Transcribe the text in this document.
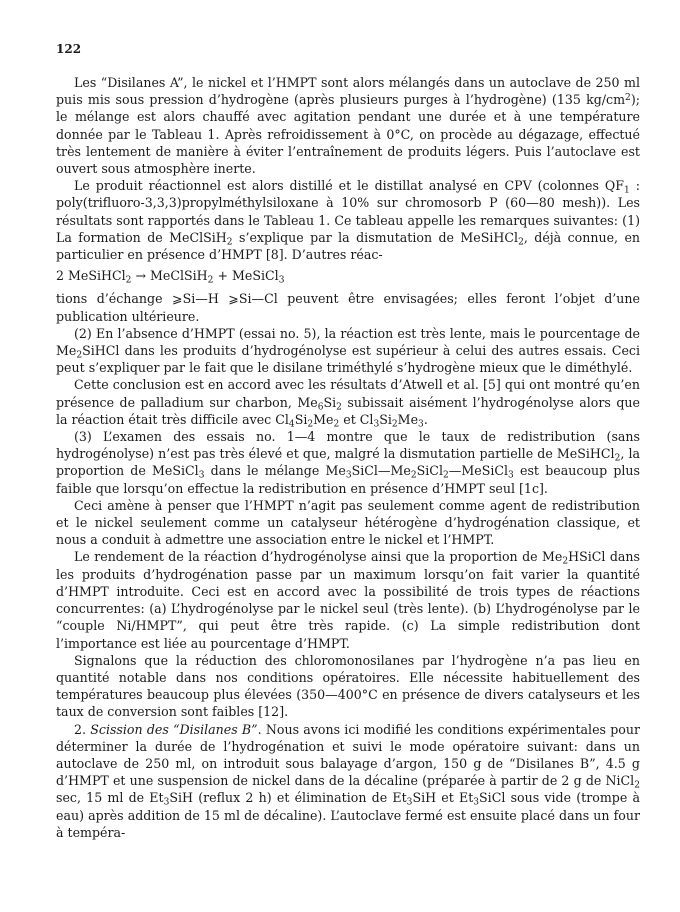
122

Les “Disilanes A”, le nickel et l’HMPT sont alors mélangés dans un autoclave de 250 ml puis mis sous pression d’hydrogène (après plusieurs purges à l’hydrogène) (135 $kg/cm^2$); le mélange est alors chauffé avec agitation pendant une durée et à une température donnée par le Tableau 1. Après refroidissement à 0°C, on procède au dégazage, effectué très lentement de manière à éviter l’entraînement de produits légers. Puis l’autoclave est ouvert sous atmosphère inerte.

Le produit réactionnel est alors distillé et le distillat analysé en CPV (colonnes $QF_1$ : poly(trifluoro-3,3,3)propylméthylsiloxane à 10% sur chromosorb P (60—80 mesh)). Les résultats sont rapportés dans le Tableau 1. Ce tableau appelle les remarques suivantes: (1) La formation de MeClSiH$_2$ s’explique par la dismutation de MeSiHCl$_2$, déjà connue, en particulier en présence d’HMPT [8]. D’autres réac-

2 MeSiHCl$_2$ → MeClSiH$_2$ + MeSiCl$_3$

tions d’échange ⩾Si—H ⩾Si—Cl peuvent être envisagées; elles feront l’objet d’une publication ultérieure.

(2) En l’absence d’HMPT (essai no. 5), la réaction est très lente, mais le pourcentage de $Me_2SiHCl$ dans les produits d’hydrogénolyse est supérieur à celui des autres essais. Ceci peut s’expliquer par le fait que le disilane triméthylé s’hydrogène mieux que le diméthylé.

Cette conclusion est en accord avec les résultats d’Atwell et al. [5] qui ont montré qu’en présence de palladium sur charbon, $Me_6Si_2$ subissait aisément l’hydrogénolyse alors que la réaction était très difficile avec $Cl_4Si_2Me_2$ et $Cl_3Si_2Me_3$.

(3) L’examen des essais no. 1—4 montre que le taux de redistribution (sans hydrogénolyse) n’est pas très élevé et que, malgré la dismutation partielle de MeSiHCl$_2$, la proportion de MeSiCl$_3$ dans le mélange $Me_3SiCl—Me_2SiCl_2—MeSiCl_3$ est beaucoup plus faible que lorsqu’on effectue la redistribution en présence d’HMPT seul [1c].

Ceci amène à penser que l’HMPT n’agit pas seulement comme agent de redistribution et le nickel seulement comme un catalyseur hétérogène d’hydrogénation classique, et nous a conduit à admettre une association entre le nickel et l’HMPT.

Le rendement de la réaction d’hydrogénolyse ainsi que la proportion de $Me_2HSiCl$ dans les produits d’hydrogénation passe par un maximum lorsqu’on fait varier la quantité d’HMPT introduite. Ceci est en accord avec la possibilité de trois types de réactions concurrentes: (a) L’hydrogénolyse par le nickel seul (très lente). (b) L’hydrogénolyse par le “couple Ni/HMPT”, qui peut être très rapide. (c) La simple redistribution dont l’importance est liée au pourcentage d’HMPT.

Signalons que la réduction des chloromonosilanes par l’hydrogène n’a pas lieu en quantité notable dans nos conditions opératoires. Elle nécessite habituellement des températures beaucoup plus élevées (350—400°C en présence de divers catalyseurs et les taux de conversion sont faibles [12].

2. Scission des “Disilanes B”. Nous avons ici modifié les conditions expérimentales pour déterminer la durée de l’hydrogénation et suivi le mode opératoire suivant: dans un autoclave de 250 ml, on introduit sous balayage d’argon, 150 g de “Disilanes B”, 4.5 g d’HMPT et une suspension de nickel dans de la décaline (préparée à partir de 2 g de NiCl$_2$ sec, 15 ml de $Et_3SiH$ (reflux 2 h) et élimination de $Et_3SiH$ et $Et_3SiCl$ sous vide (trompe à eau) après addition de 15 ml de décaline). L’autoclave fermé est ensuite placé dans un four à tempéra-
